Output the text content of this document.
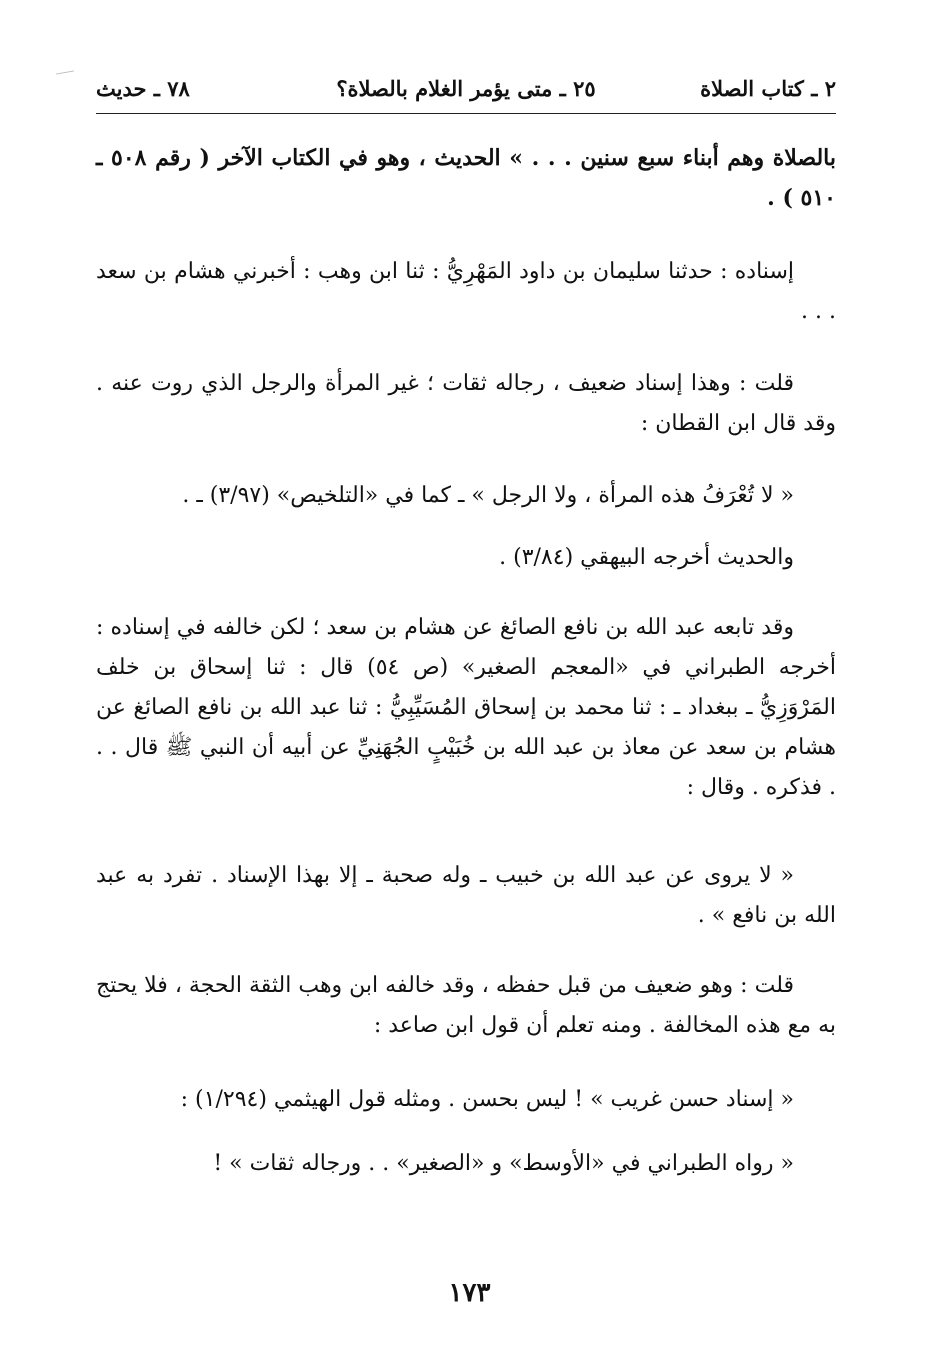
٢ ـ كتاب الصلاة
٢٥ ـ متى يؤمر الغلام بالصلاة؟
٧٨ ـ حديث
بالصلاة وهم أبناء سبع سنين . . . » الحديث ، وهو في الكتاب الآخر ( رقم ٥٠٨ ـ ٥١٠ ) .
إسناده : حدثنا سليمان بن داود المَهْرِيُّ : ثنا ابن وهب : أخبرني هشام بن سعد . . .
قلت : وهذا إسناد ضعيف ، رجاله ثقات ؛ غير المرأة والرجل الذي روت عنه . وقد قال ابن القطان :
« لا تُعْرَفُ هذه المرأة ، ولا الرجل » ـ كما في «التلخيص» (٣/٩٧) ـ .
والحديث أخرجه البيهقي (٣/٨٤) .
وقد تابعه عبد الله بن نافع الصائغ عن هشام بن سعد ؛ لكن خالفه في إسناده : أخرجه الطبراني في «المعجم الصغير» (ص ٥٤) قال : ثنا إسحاق بن خلف المَرْوَزِيُّ ـ ببغداد ـ : ثنا محمد بن إسحاق المُسَيِّبِيُّ : ثنا عبد الله بن نافع الصائغ عن هشام بن سعد عن معاذ بن عبد الله بن خُبَيْبٍ الجُهَنِيِّ عن أبيه أن النبي ﷺ قال . . . فذكره . وقال :
« لا يروى عن عبد الله بن خبيب ـ وله صحبة ـ إلا بهذا الإسناد . تفرد به عبد الله بن نافع » .
قلت : وهو ضعيف من قبل حفظه ، وقد خالفه ابن وهب الثقة الحجة ، فلا يحتج به مع هذه المخالفة . ومنه تعلم أن قول ابن صاعد :
« إسناد حسن غريب » ! ليس بحسن . ومثله قول الهيثمي (١/٢٩٤) :
« رواه الطبراني في «الأوسط» و «الصغير» . . ورجاله ثقات » !
١٧٣
